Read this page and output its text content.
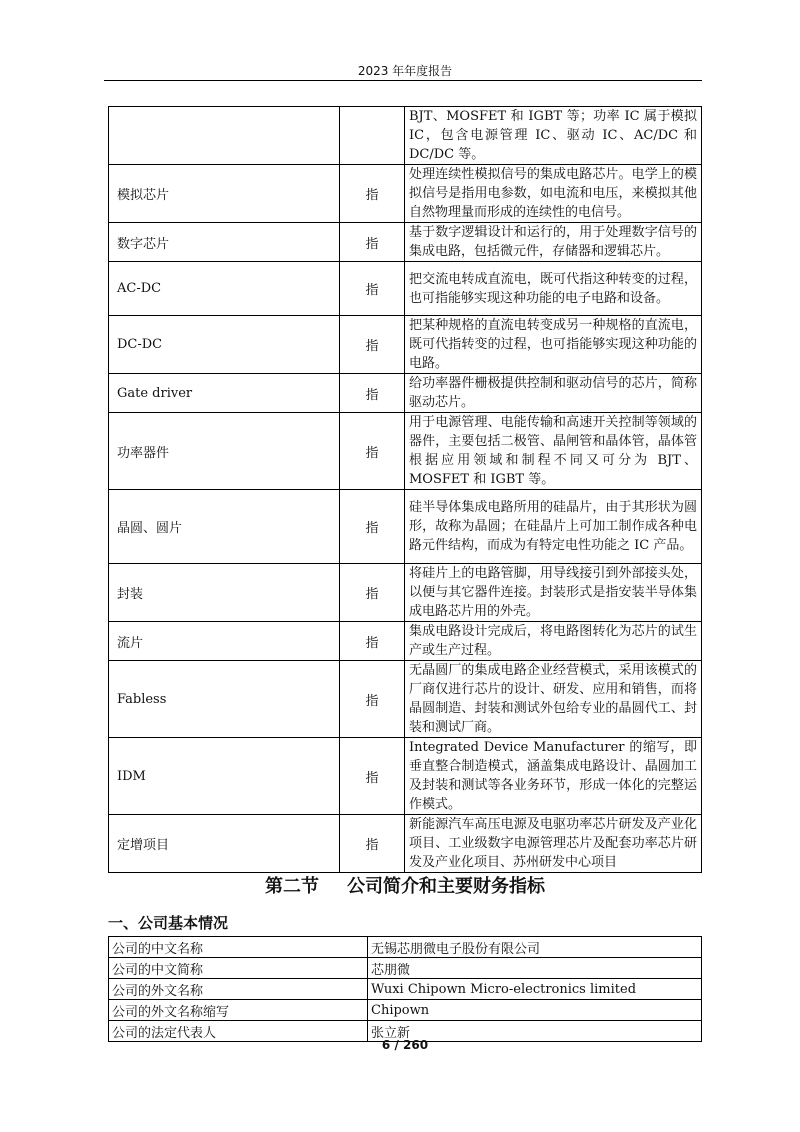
2023 年年度报告
		BJT、MOSFET 和 IGBT 等；功率 IC 属于模拟 IC，包含电源管理 IC、驱动 IC、AC/DC 和 DC/DC 等。
模拟芯片	指	处理连续性模拟信号的集成电路芯片。电学上的模拟信号是指用电参数，如电流和电压，来模拟其他自然物理量而形成的连续性的电信号。
数字芯片	指	基于数字逻辑设计和运行的，用于处理数字信号的集成电路，包括微元件，存储器和逻辑芯片。
AC-DC	指	把交流电转成直流电，既可代指这种转变的过程，也可指能够实现这种功能的电子电路和设备。
DC-DC	指	把某种规格的直流电转变成另一种规格的直流电，既可代指转变的过程，也可指能够实现这种功能的电路。
Gate driver	指	给功率器件栅极提供控制和驱动信号的芯片，简称驱动芯片。
功率器件	指	用于电源管理、电能传输和高速开关控制等领域的器件，主要包括二极管、晶闸管和晶体管，晶体管根据应用领域和制程不同又可分为 BJT、MOSFET 和 IGBT 等。
晶圆、圆片	指	硅半导体集成电路所用的硅晶片，由于其形状为圆形，故称为晶圆；在硅晶片上可加工制作成各种电路元件结构，而成为有特定电性功能之 IC 产品。
封装	指	将硅片上的电路管脚，用导线接引到外部接头处，以便与其它器件连接。封装形式是指安装半导体集成电路芯片用的外壳。
流片	指	集成电路设计完成后，将电路图转化为芯片的试生产或生产过程。
Fabless	指	无晶圆厂的集成电路企业经营模式，采用该模式的厂商仅进行芯片的设计、研发、应用和销售，而将晶圆制造、封装和测试外包给专业的晶圆代工、封装和测试厂商。
IDM	指	Integrated Device Manufacturer 的缩写，即垂直整合制造模式，涵盖集成电路设计、晶圆加工及封装和测试等各业务环节，形成一体化的完整运作模式。
定增项目	指	新能源汽车高压电源及电驱功率芯片研发及产业化项目、工业级数字电源管理芯片及配套功率芯片研发及产业化项目、苏州研发中心项目
第二节 公司简介和主要财务指标
一、公司基本情况
公司的中文名称	无锡芯朋微电子股份有限公司
公司的中文简称	芯朋微
公司的外文名称	Wuxi Chipown Micro-electronics limited
公司的外文名称缩写	Chipown
公司的法定代表人	张立新
6 / 260
